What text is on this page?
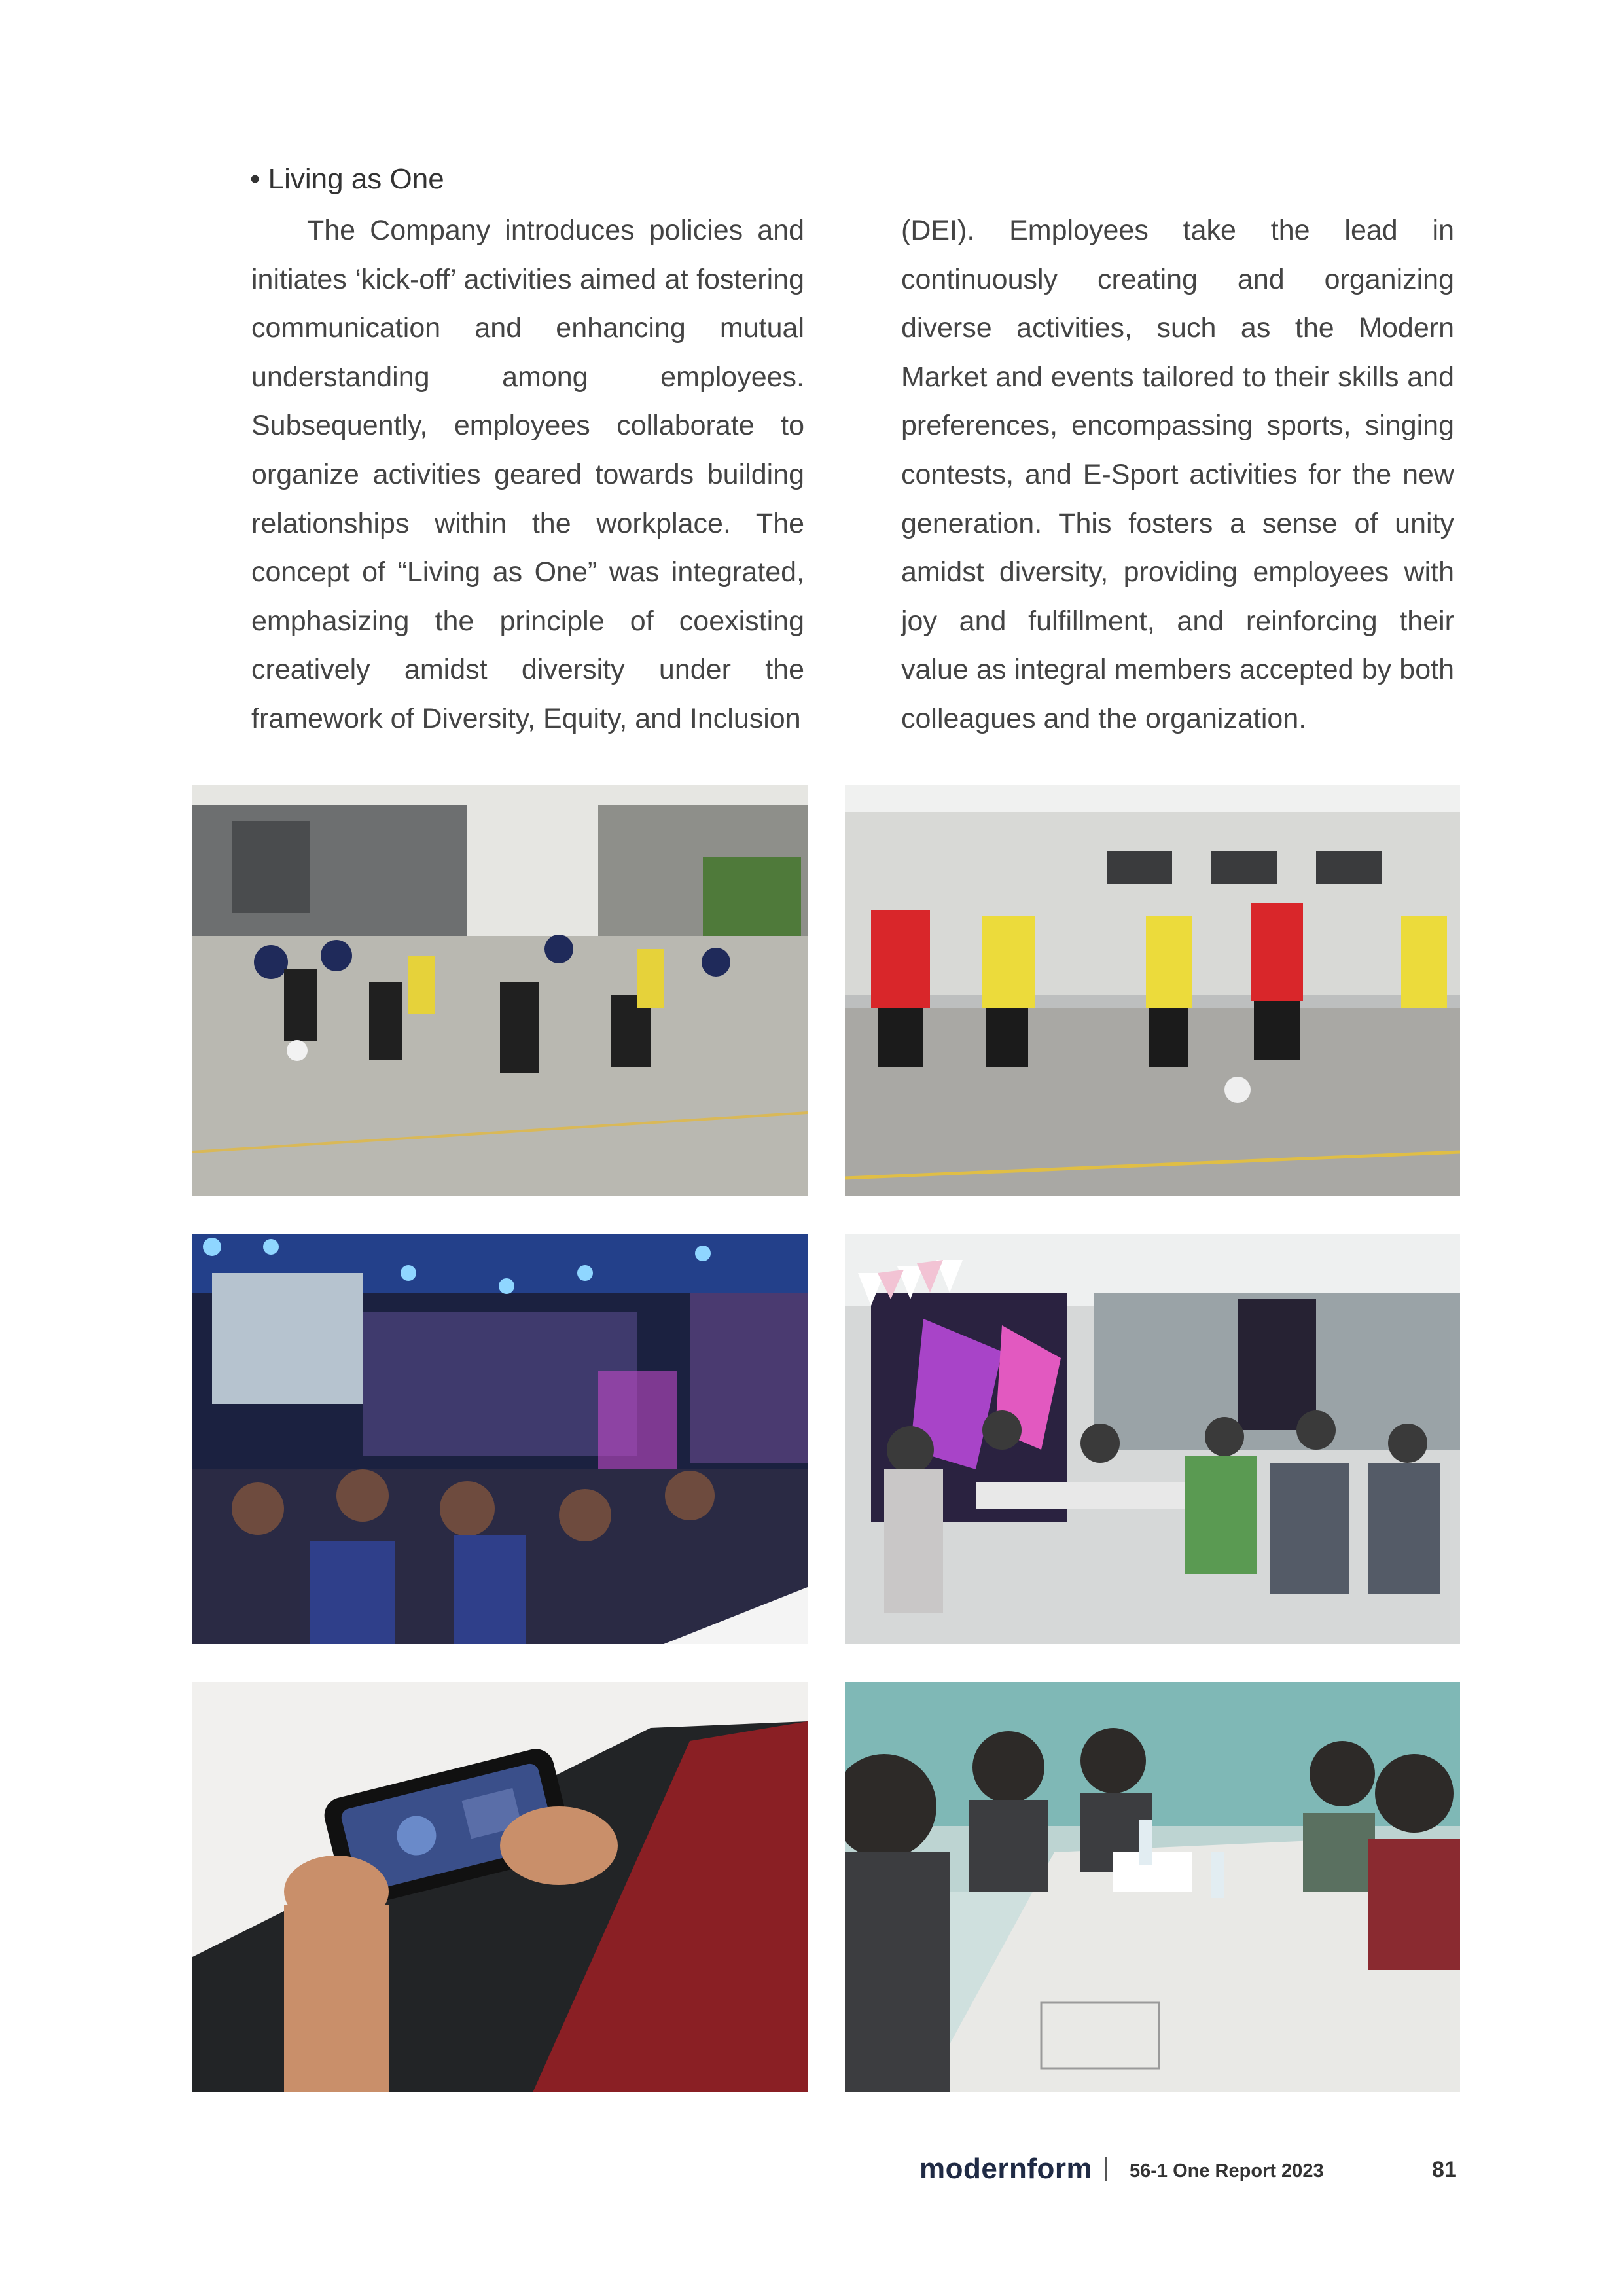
• Living as One

The Company introduces policies and initiates ‘kick-off’ activities aimed at fostering communication and enhancing mutual understanding among employees. Subsequently, employees collaborate to organize activities geared towards building relationships within the workplace. The concept of “Living as One” was integrated, emphasizing the principle of coexisting creatively amidst diversity under the framework of Diversity, Equity, and Inclusion

(DEI). Employees take the lead in continuously creating and organizing diverse activities, such as the Modern Market and events tailored to their skills and preferences, encompassing sports, singing contests, and E-Sport activities for the new generation. This fosters a sense of unity amidst diversity, providing employees with joy and fulfillment, and reinforcing their value as integral members accepted by both colleagues and the organization.

modernform 56-1 One Report 2023	81
